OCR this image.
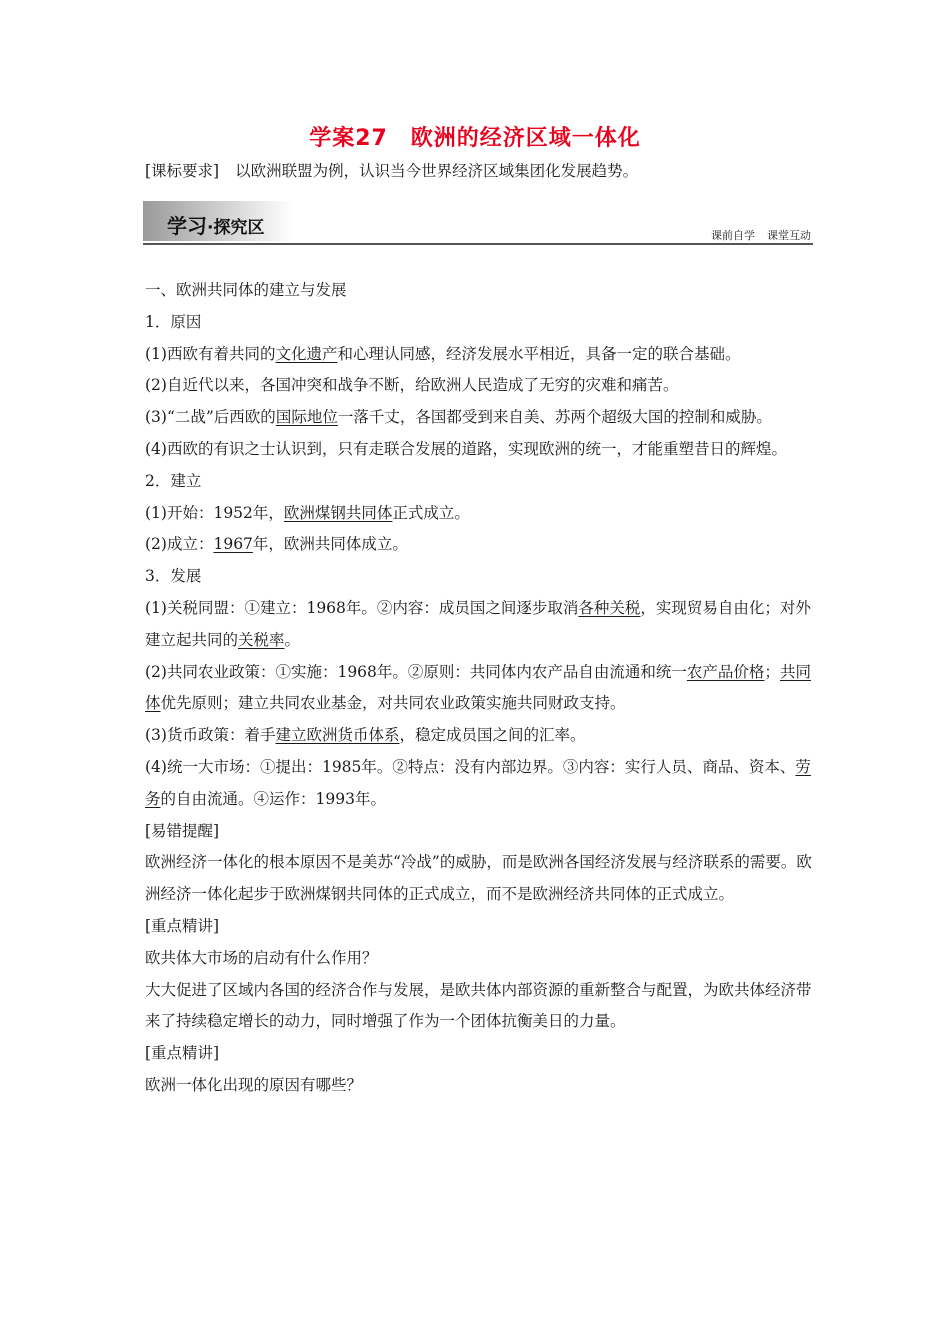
学案27　欧洲的经济区域一体化
[课标要求] 以欧洲联盟为例，认识当今世界经济区域集团化发展趋势。
学习·探究区	课前自学 课堂互动

一、欧洲共同体的建立与发展

1．原因

(1)西欧有着共同的文化遗产和心理认同感，经济发展水平相近，具备一定的联合基础。

(2)自近代以来，各国冲突和战争不断，给欧洲人民造成了无穷的灾难和痛苦。

(3)“二战”后西欧的国际地位一落千丈，各国都受到来自美、苏两个超级大国的控制和威胁。

(4)西欧的有识之士认识到，只有走联合发展的道路，实现欧洲的统一，才能重塑昔日的辉煌。

2．建立

(1)开始：1952年，欧洲煤钢共同体正式成立。

(2)成立：1967年，欧洲共同体成立。

3．发展

(1)关税同盟：①建立：1968年。②内容：成员国之间逐步取消各种关税，实现贸易自由化；对外建立起共同的关税率。

(2)共同农业政策：①实施：1968年。②原则：共同体内农产品自由流通和统一农产品价格；共同体优先原则；建立共同农业基金，对共同农业政策实施共同财政支持。

(3)货币政策：着手建立欧洲货币体系，稳定成员国之间的汇率。

(4)统一大市场：①提出：1985年。②特点：没有内部边界。③内容：实行人员、商品、资本、劳务的自由流通。④运作：1993年。

[易错提醒]

欧洲经济一体化的根本原因不是美苏“冷战”的威胁，而是欧洲各国经济发展与经济联系的需要。欧洲经济一体化起步于欧洲煤钢共同体的正式成立，而不是欧洲经济共同体的正式成立。

[重点精讲]

欧共体大市场的启动有什么作用？

大大促进了区域内各国的经济合作与发展，是欧共体内部资源的重新整合与配置，为欧共体经济带来了持续稳定增长的动力，同时增强了作为一个团体抗衡美日的力量。

[重点精讲]

欧洲一体化出现的原因有哪些？
